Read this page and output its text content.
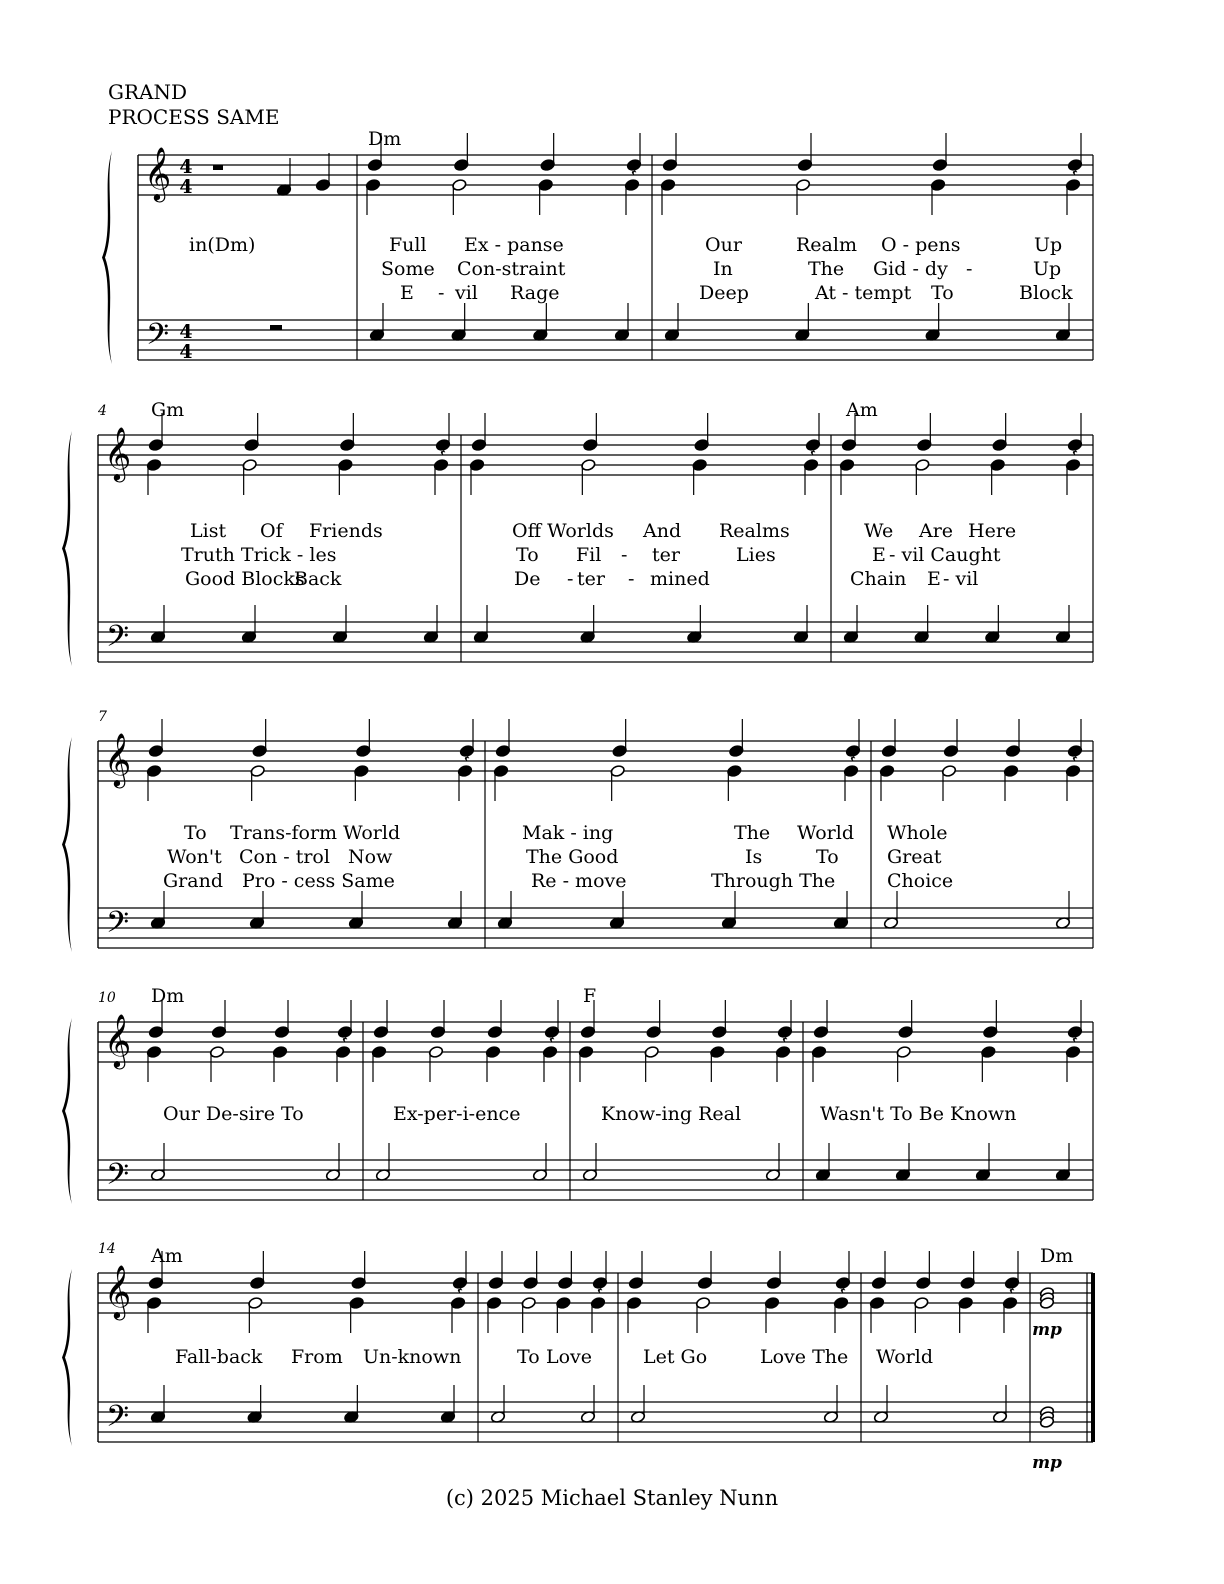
GRAND
PROCESS SAME
𝄞
𝄢
4
4
4
4
Dm
in(Dm)	Full Ex - panse	Our	Realm O - pens	Up
Some Con-straint	In	The Gid - dy -	Up
E - vil Rage	Deep	At - tempt To	Block
𝄽	𝄽
𝄞
𝄢
4 Gm	Am
List Of Friends	Off Worlds And Realms	We Are Here
Truth Trick - les	To Fil - ter	Lies	E - vil Caught
Good Blocks
Back	De - ter - mined	Chain E - vil
𝄽	𝄽	𝄽
𝄞
𝄢
7
To Trans-form World	Mak - ing	The World Whole
Won't Con - trol Now	The Good	Is	To	Great
Grand Pro - cess Same	Re - move	Through The	Choice
𝄽	𝄽	𝄽
𝄞
𝄢
10 Dm	F
Our De-sire To	Ex-per-i-ence	Know-ing Real	Wasn't To Be Known
𝄽	𝄽	𝄽	𝄽
𝄞
𝄢
14 Am	Dm
Fall-back From Un-known	To Love	Let Go	Love The World
𝄽	𝄽	𝄽	𝄽
mp
mp
(c) 2025 Michael Stanley Nunn
